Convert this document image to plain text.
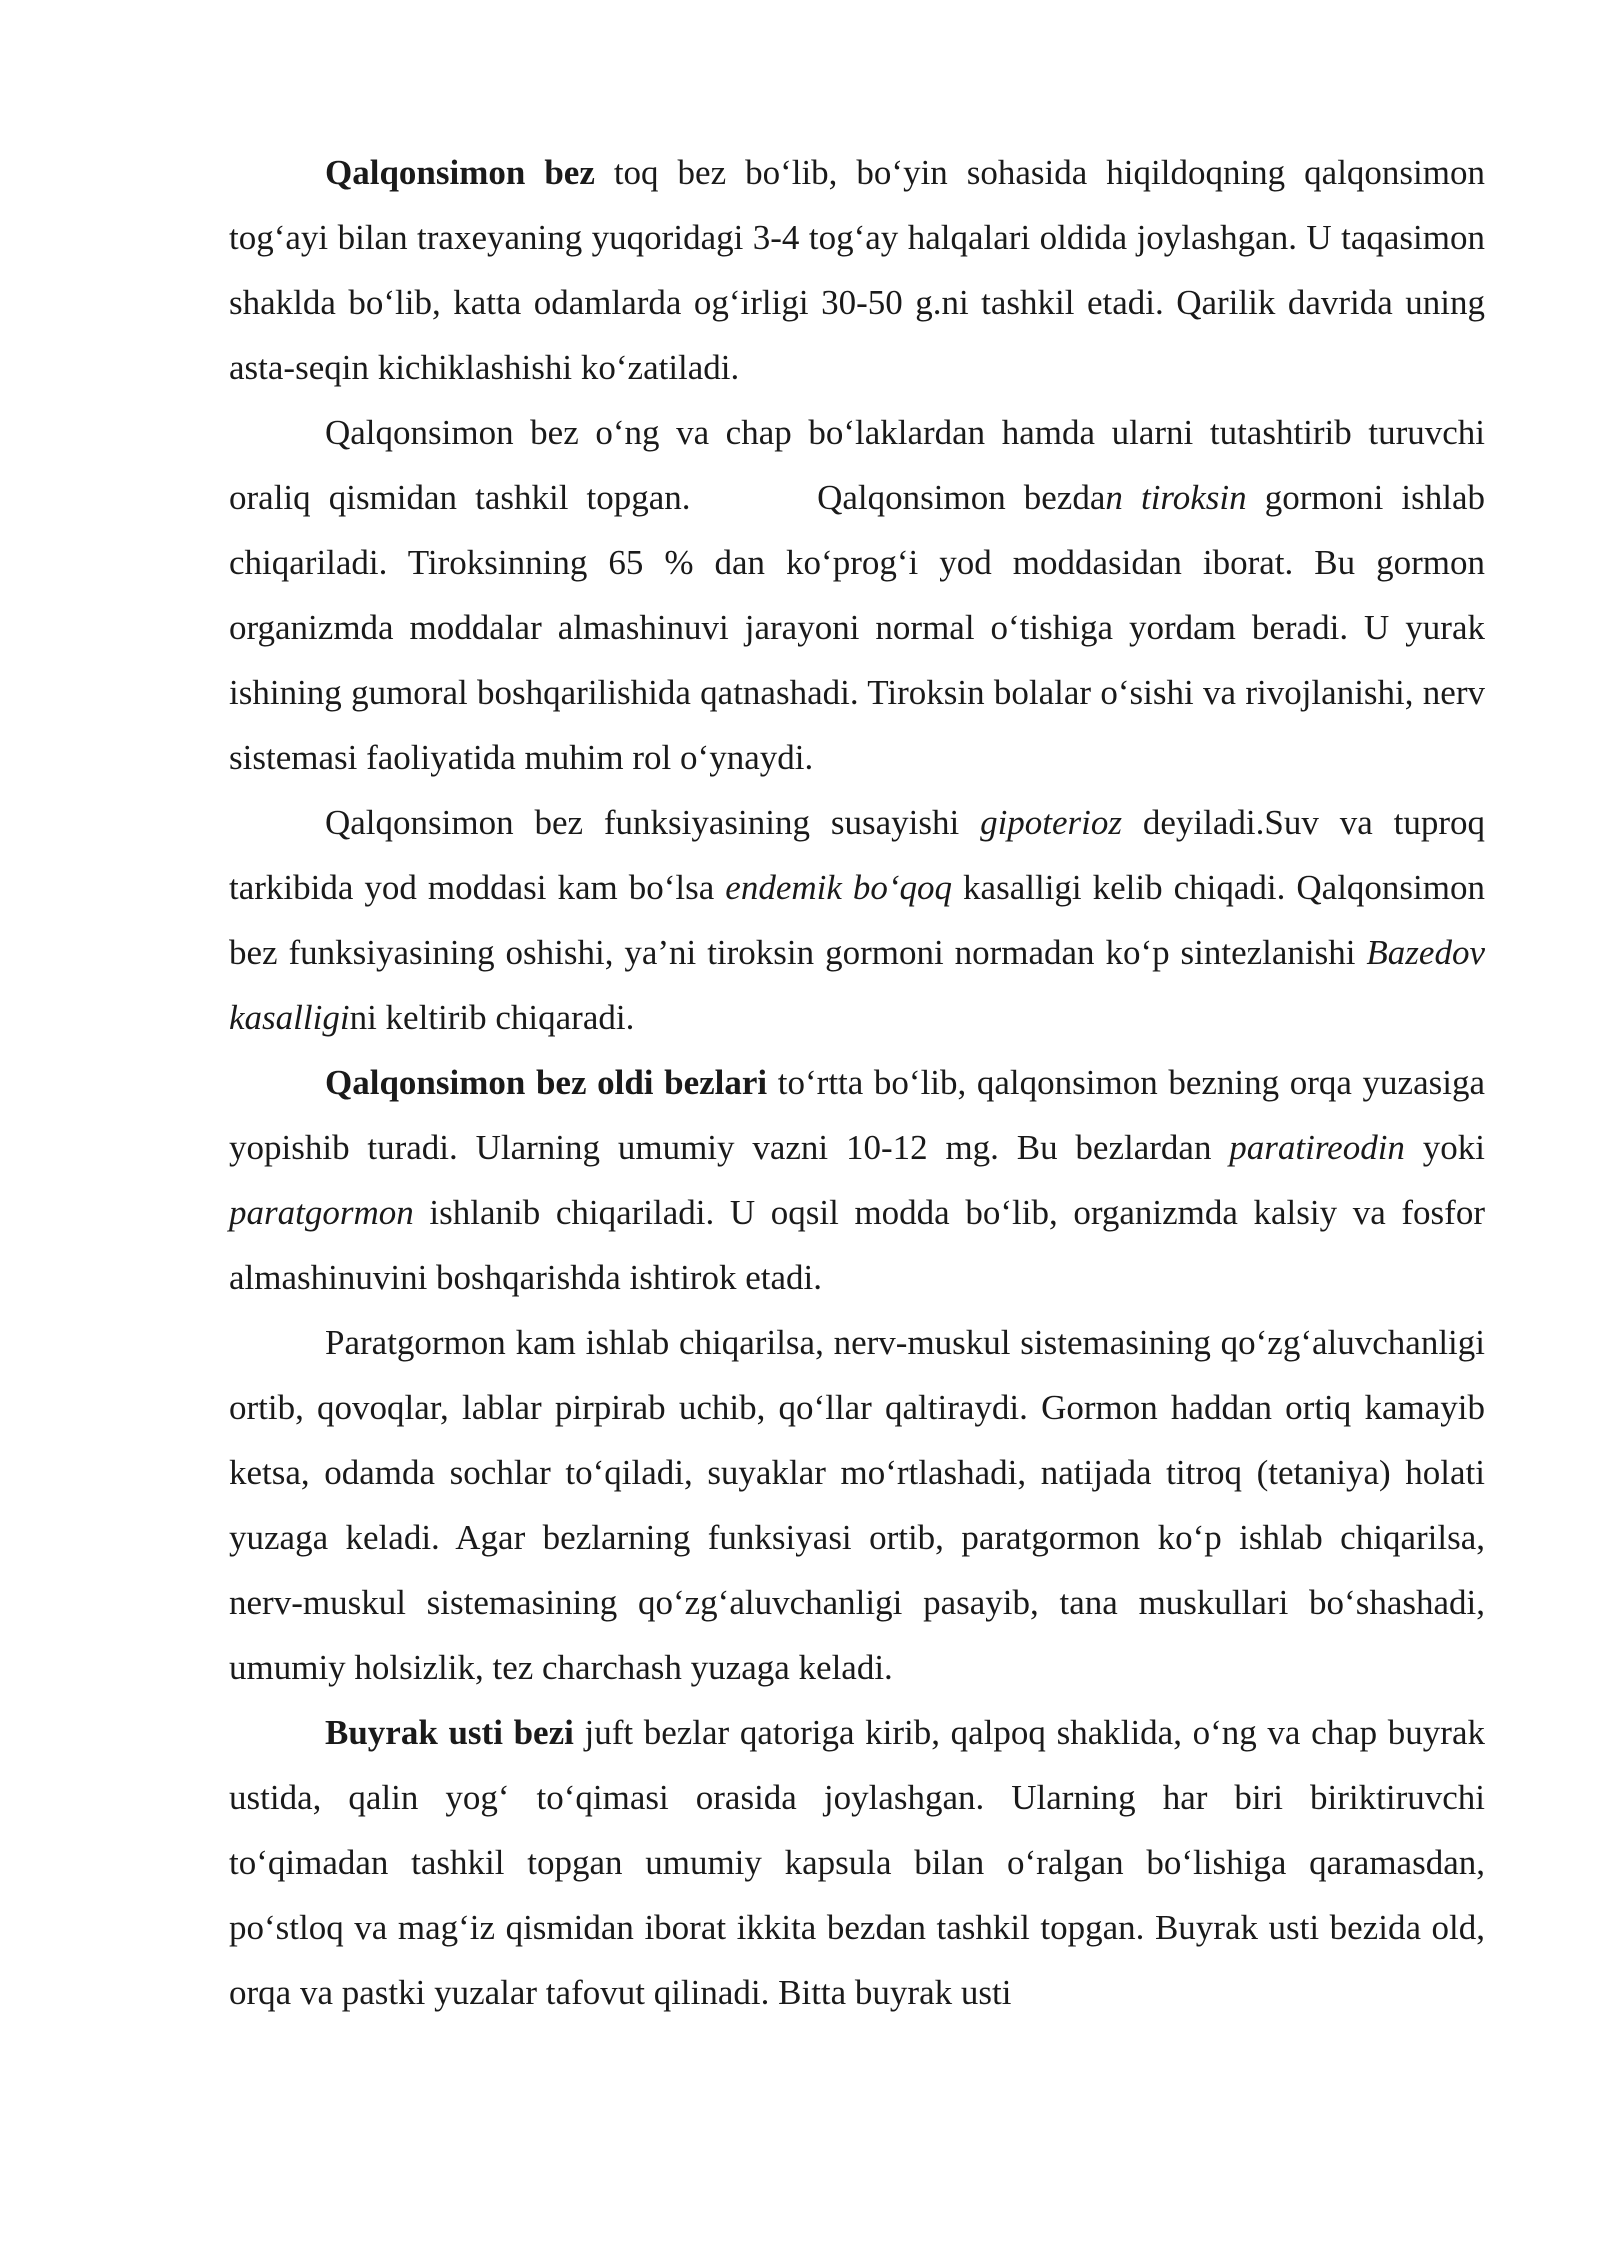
Qalqonsimon bez toq bez bo‘lib, bo‘yin sohasida hiqildoqning qalqonsimon tog‘ayi bilan traxeyaning yuqoridagi 3-4 tog‘ay halqalari oldida joylashgan. U taqasimon shaklda bo‘lib, katta odamlarda og‘irligi 30-50 g.ni tashkil etadi. Qarilik davrida uning asta-seqin kichiklashishi ko‘zatiladi.

Qalqonsimon bez o‘ng va chap bo‘laklardan hamda ularni tutashtirib turuvchi oraliq qismidan tashkil topgan.       Qalqonsimon bezdan tiroksin gormoni ishlab chiqariladi. Tiroksinning 65 % dan ko‘prog‘i yod moddasidan iborat. Bu gormon organizmda moddalar almashinuvi jarayoni normal o‘tishiga yordam beradi. U yurak ishining gumoral boshqarilishida qatnashadi. Tiroksin bolalar o‘sishi va rivojlanishi, nerv sistemasi faoliyatida muhim rol o‘ynaydi.

Qalqonsimon bez funksiyasining susayishi gipoterioz deyiladi.Suv va tuproq tarkibida yod moddasi kam bo‘lsa endemik bo‘qoq kasalligi kelib chiqadi. Qalqonsimon bez funksiyasining oshishi, ya’ni tiroksin gormoni normadan ko‘p sintezlanishi Bazedov kasalligini keltirib chiqaradi.

Qalqonsimon bez oldi bezlari to‘rtta bo‘lib, qalqonsimon bezning orqa yuzasiga yopishib turadi. Ularning umumiy vazni 10-12 mg. Bu bezlardan paratireodin yoki paratgormon ishlanib chiqariladi. U oqsil modda bo‘lib, organizmda kalsiy va fosfor almashinuvini boshqarishda ishtirok etadi.

Paratgormon kam ishlab chiqarilsa, nerv-muskul sistemasining qo‘zg‘aluvchanligi ortib, qovoqlar, lablar pirpirab uchib, qo‘llar qaltiraydi. Gormon haddan ortiq kamayib ketsa, odamda sochlar to‘qiladi, suyaklar mo‘rtlashadi, natijada titroq (tetaniya) holati yuzaga keladi. Agar bezlarning funksiyasi ortib, paratgormon ko‘p ishlab chiqarilsa, nerv-muskul sistemasining qo‘zg‘aluvchanligi pasayib, tana muskullari bo‘shashadi, umumiy holsizlik, tez charchash yuzaga keladi.

Buyrak usti bezi juft bezlar qatoriga kirib, qalpoq shaklida, o‘ng va chap buyrak ustida, qalin yog‘ to‘qimasi orasida joylashgan. Ularning har biri biriktiruvchi to‘qimadan tashkil topgan umumiy kapsula bilan o‘ralgan bo‘lishiga qaramasdan, po‘stloq va mag‘iz qismidan iborat ikkita bezdan tashkil topgan. Buyrak usti bezida old, orqa va pastki yuzalar tafovut qilinadi. Bitta buyrak usti
